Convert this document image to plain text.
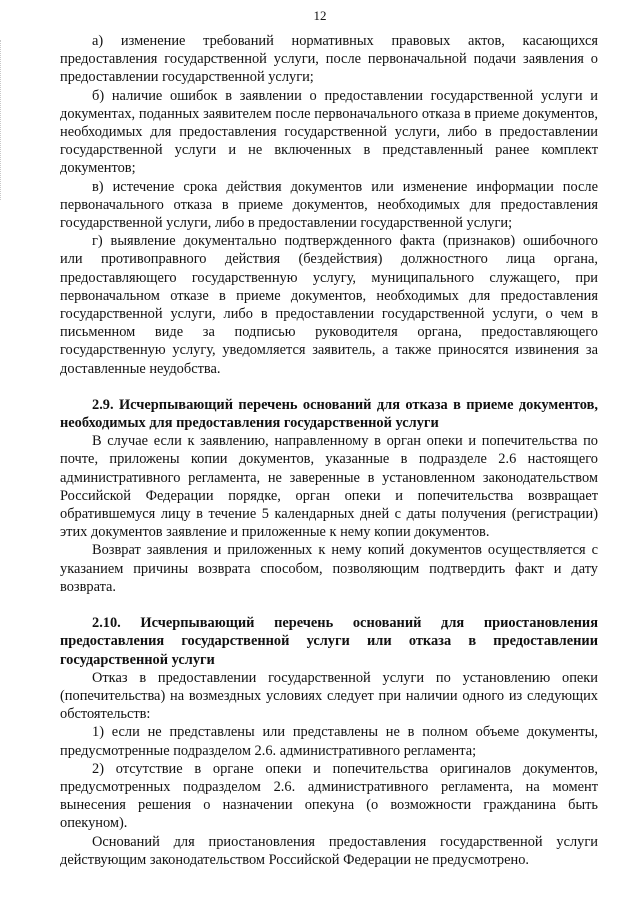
12

а) изменение требований нормативных правовых актов, касающихся предоставления государственной услуги, после первоначальной подачи заявления о предоставлении государственной услуги;

б) наличие ошибок в заявлении о предоставлении государственной услуги и документах, поданных заявителем после первоначального отказа в приеме документов, необходимых для предоставления государственной услуги, либо в предоставлении государственной услуги и не включенных в представленный ранее комплект документов;

в) истечение срока действия документов или изменение информации после первоначального отказа в приеме документов, необходимых для предоставления государственной услуги, либо в предоставлении государственной услуги;

г) выявление документально подтвержденного факта (признаков) ошибочного или противоправного действия (бездействия) должностного лица органа, предоставляющего государственную услугу, муниципального служащего, при первоначальном отказе в приеме документов, необходимых для предоставления государственной услуги, либо в предоставлении государственной услуги, о чем в письменном виде за подписью руководителя органа, предоставляющего государственную услугу, уведомляется заявитель, а также приносятся извинения за доставленные неудобства.

2.9. Исчерпывающий перечень оснований для отказа в приеме документов, необходимых для предоставления государственной услуги

В случае если к заявлению, направленному в орган опеки и попечительства по почте, приложены копии документов, указанные в подразделе 2.6 настоящего административного регламента, не заверенные в установленном законодательством Российской Федерации порядке, орган опеки и попечительства возвращает обратившемуся лицу в течение 5 календарных дней с даты получения (регистрации) этих документов заявление и приложенные к нему копии документов.

Возврат заявления и приложенных к нему копий документов осуществляется с указанием причины возврата способом, позволяющим подтвердить факт и дату возврата.

2.10. Исчерпывающий перечень оснований для приостановления предоставления государственной услуги или отказа в предоставлении государственной услуги

Отказ в предоставлении государственной услуги по установлению опеки (попечительства) на возмездных условиях следует при наличии одного из следующих обстоятельств:

1) если не представлены или представлены не в полном объеме документы, предусмотренные подразделом 2.6. административного регламента;

2) отсутствие в органе опеки и попечительства оригиналов документов, предусмотренных подразделом 2.6. административного регламента, на момент вынесения решения о назначении опекуна (о возможности гражданина быть опекуном).

Оснований для приостановления предоставления государственной услуги действующим законодательством Российской Федерации не предусмотрено.
